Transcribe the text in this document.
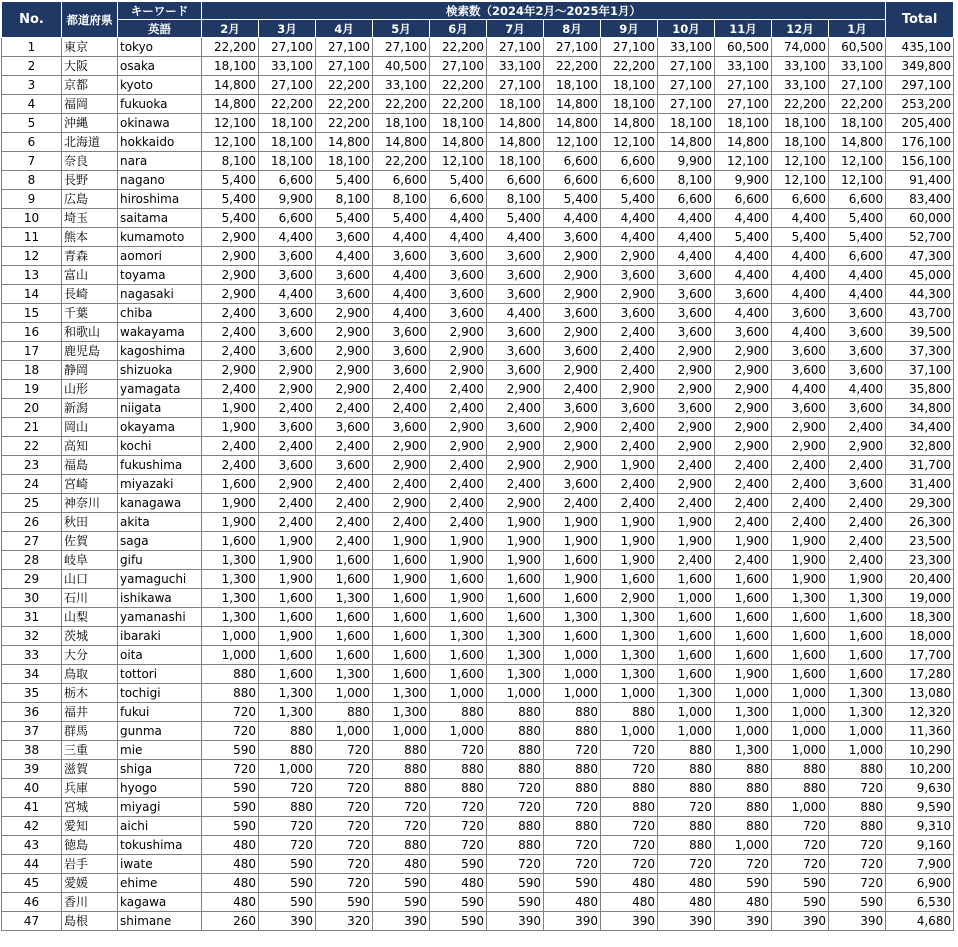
No.	都道府県	キーワード	検索数（2024年2月～2025年1月）												Total
		英語	2月	3月	4月	5月	6月	7月	8月	9月	10月	11月	12月	1月	
1	東京	tokyo	22,200	27,100	27,100	27,100	22,200	27,100	27,100	27,100	33,100	60,500	74,000	60,500	435,100
2	大阪	osaka	18,100	33,100	27,100	40,500	27,100	33,100	22,200	22,200	27,100	33,100	33,100	33,100	349,800
3	京都	kyoto	14,800	27,100	22,200	33,100	22,200	27,100	18,100	18,100	27,100	27,100	33,100	27,100	297,100
4	福岡	fukuoka	14,800	22,200	22,200	22,200	22,200	18,100	14,800	18,100	27,100	27,100	22,200	22,200	253,200
5	沖縄	okinawa	12,100	18,100	22,200	18,100	18,100	14,800	14,800	14,800	18,100	18,100	18,100	18,100	205,400
6	北海道	hokkaido	12,100	18,100	14,800	14,800	14,800	14,800	12,100	12,100	14,800	14,800	18,100	14,800	176,100
7	奈良	nara	8,100	18,100	18,100	22,200	12,100	18,100	6,600	6,600	9,900	12,100	12,100	12,100	156,100
8	長野	nagano	5,400	6,600	5,400	6,600	5,400	6,600	6,600	6,600	8,100	9,900	12,100	12,100	91,400
9	広島	hiroshima	5,400	9,900	8,100	8,100	6,600	8,100	5,400	5,400	6,600	6,600	6,600	6,600	83,400
10	埼玉	saitama	5,400	6,600	5,400	5,400	4,400	5,400	4,400	4,400	4,400	4,400	4,400	5,400	60,000
11	熊本	kumamoto	2,900	4,400	3,600	4,400	4,400	4,400	3,600	4,400	4,400	5,400	5,400	5,400	52,700
12	青森	aomori	2,900	3,600	4,400	3,600	3,600	3,600	2,900	2,900	4,400	4,400	4,400	6,600	47,300
13	富山	toyama	2,900	3,600	3,600	4,400	3,600	3,600	2,900	3,600	3,600	4,400	4,400	4,400	45,000
14	長崎	nagasaki	2,900	4,400	3,600	4,400	3,600	3,600	2,900	2,900	3,600	3,600	4,400	4,400	44,300
15	千葉	chiba	2,400	3,600	2,900	4,400	3,600	4,400	3,600	3,600	3,600	4,400	3,600	3,600	43,700
16	和歌山	wakayama	2,400	3,600	2,900	3,600	2,900	3,600	2,900	2,400	3,600	3,600	4,400	3,600	39,500
17	鹿児島	kagoshima	2,400	3,600	2,900	3,600	2,900	3,600	3,600	2,400	2,900	2,900	3,600	3,600	37,300
18	静岡	shizuoka	2,900	2,900	2,900	3,600	2,900	3,600	2,900	2,400	2,900	2,900	3,600	3,600	37,100
19	山形	yamagata	2,400	2,900	2,900	2,400	2,400	2,900	2,400	2,900	2,900	2,900	4,400	4,400	35,800
20	新潟	niigata	1,900	2,400	2,400	2,400	2,400	2,400	3,600	3,600	3,600	2,900	3,600	3,600	34,800
21	岡山	okayama	1,900	3,600	3,600	3,600	2,900	3,600	2,900	2,400	2,900	2,900	2,900	2,400	34,400
22	高知	kochi	2,400	2,400	2,400	2,900	2,900	2,900	2,900	2,400	2,900	2,900	2,900	2,900	32,800
23	福島	fukushima	2,400	3,600	3,600	2,900	2,400	2,900	2,900	1,900	2,400	2,400	2,400	2,400	31,700
24	宮崎	miyazaki	1,600	2,900	2,400	2,400	2,400	2,400	3,600	2,400	2,900	2,400	2,400	3,600	31,400
25	神奈川	kanagawa	1,900	2,400	2,400	2,900	2,400	2,900	2,400	2,400	2,400	2,400	2,400	2,400	29,300
26	秋田	akita	1,900	2,400	2,400	2,400	2,400	1,900	1,900	1,900	1,900	2,400	2,400	2,400	26,300
27	佐賀	saga	1,600	1,900	2,400	1,900	1,900	1,900	1,900	1,900	1,900	1,900	1,900	2,400	23,500
28	岐阜	gifu	1,300	1,900	1,600	1,600	1,900	1,900	1,600	1,900	2,400	2,400	1,900	2,400	23,300
29	山口	yamaguchi	1,300	1,900	1,600	1,900	1,600	1,600	1,900	1,600	1,600	1,600	1,900	1,900	20,400
30	石川	ishikawa	1,300	1,600	1,300	1,600	1,900	1,600	1,600	2,900	1,000	1,600	1,300	1,300	19,000
31	山梨	yamanashi	1,300	1,600	1,600	1,600	1,600	1,600	1,300	1,300	1,600	1,600	1,600	1,600	18,300
32	茨城	ibaraki	1,000	1,900	1,600	1,600	1,300	1,300	1,600	1,300	1,600	1,600	1,600	1,600	18,000
33	大分	oita	1,000	1,600	1,600	1,600	1,600	1,300	1,000	1,300	1,600	1,600	1,600	1,600	17,700
34	鳥取	tottori	880	1,600	1,300	1,600	1,600	1,300	1,000	1,300	1,600	1,900	1,600	1,600	17,280
35	栃木	tochigi	880	1,300	1,000	1,300	1,000	1,000	1,000	1,000	1,300	1,000	1,000	1,300	13,080
36	福井	fukui	720	1,300	880	1,300	880	880	880	880	1,000	1,300	1,000	1,300	12,320
37	群馬	gunma	720	880	1,000	1,000	1,000	880	880	1,000	1,000	1,000	1,000	1,000	11,360
38	三重	mie	590	880	720	880	720	880	720	720	880	1,300	1,000	1,000	10,290
39	滋賀	shiga	720	1,000	720	880	880	880	880	720	880	880	880	880	10,200
40	兵庫	hyogo	590	720	720	880	880	720	880	880	880	880	880	720	9,630
41	宮城	miyagi	590	880	720	720	720	720	720	880	720	880	1,000	880	9,590
42	愛知	aichi	590	720	720	720	720	880	880	720	880	880	720	880	9,310
43	徳島	tokushima	480	720	720	880	720	880	720	720	880	1,000	720	720	9,160
44	岩手	iwate	480	590	720	480	590	720	720	720	720	720	720	720	7,900
45	愛媛	ehime	480	590	720	590	480	590	590	480	480	590	590	720	6,900
46	香川	kagawa	480	590	590	590	590	590	480	480	480	480	590	590	6,530
47	島根	shimane	260	390	320	390	590	390	390	390	390	390	390	390	4,680
